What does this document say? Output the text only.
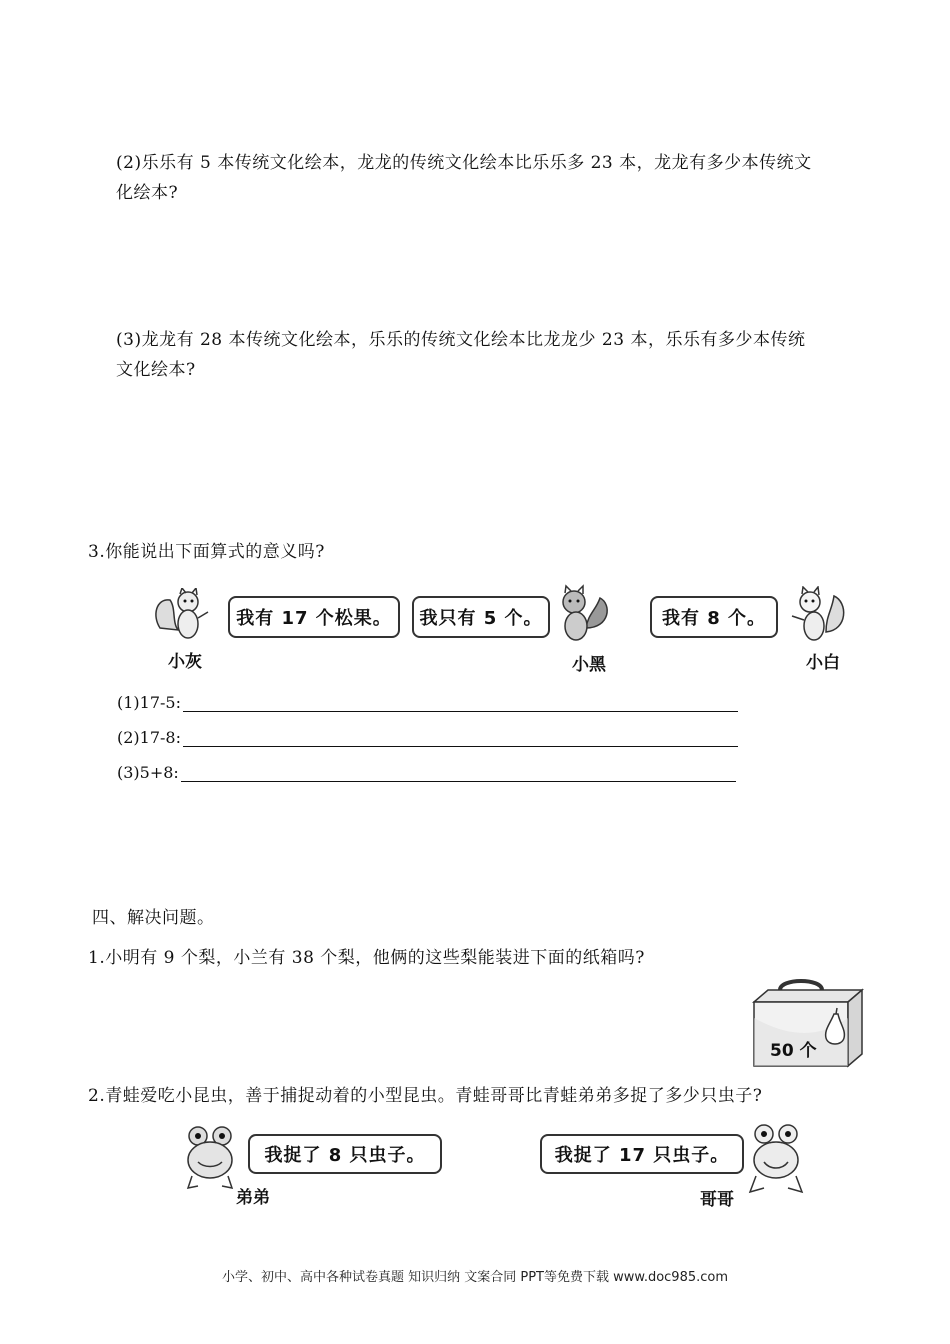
(2)乐乐有 5 本传统文化绘本，龙龙的传统文化绘本比乐乐多 23 本，龙龙有多少本传统文
化绘本?
(3)龙龙有 28 本传统文化绘本，乐乐的传统文化绘本比龙龙少 23 本，乐乐有多少本传统
文化绘本?
3.你能说出下面算式的意义吗?
小灰
我有 17 个松果。 我只有 5 个。
小黑
我有 8 个。
小白
(1)17-5:
(2)17-8:
(3)5+8:
四、解决问题。
1.小明有 9 个梨，小兰有 38 个梨，他俩的这些梨能装进下面的纸箱吗?
50 个
2.青蛙爱吃小昆虫，善于捕捉动着的小型昆虫。青蛙哥哥比青蛙弟弟多捉了多少只虫子?
我捉了 8 只虫子。
弟弟
我捉了 17 只虫子。
哥哥
小学、初中、高中各种试卷真题 知识归纳 文案合同 PPT等免费下载 www.doc985.com
